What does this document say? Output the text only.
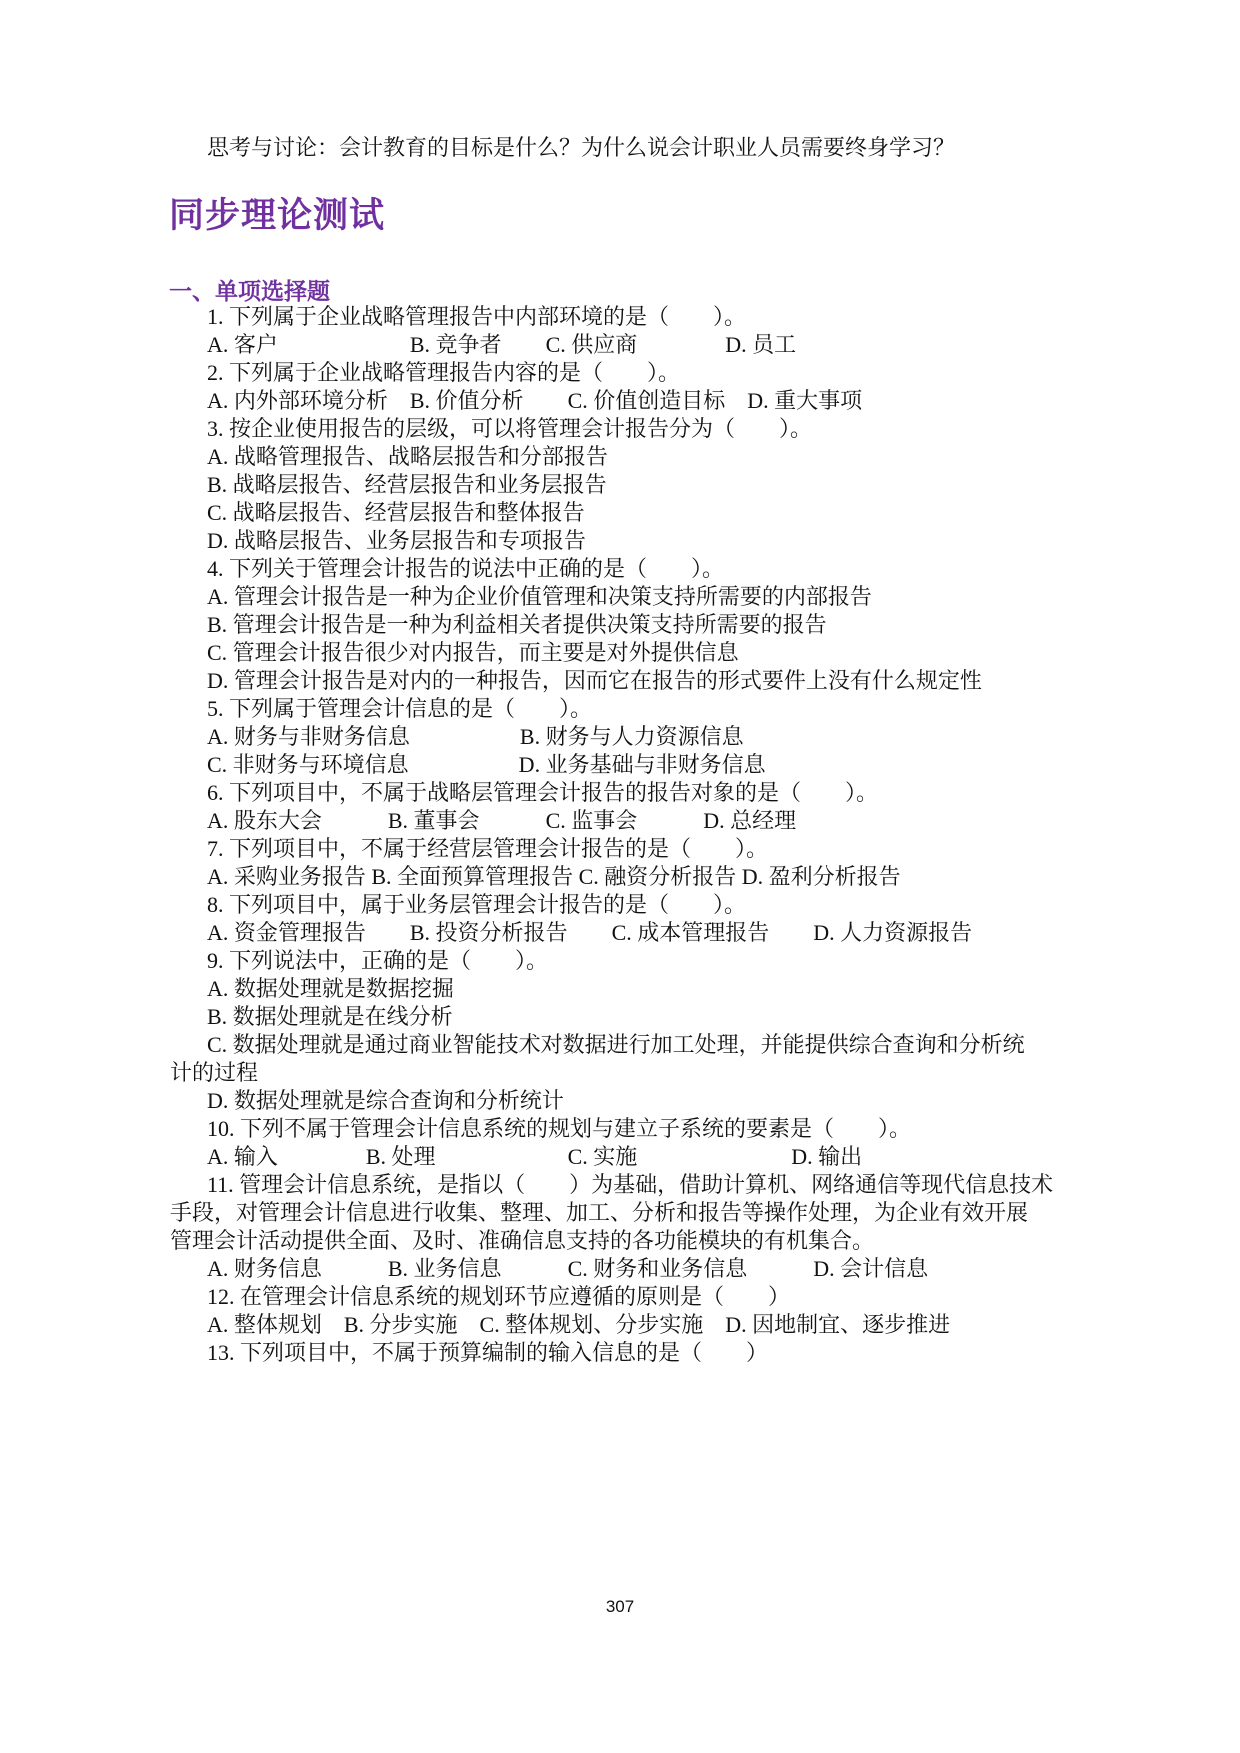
思考与讨论：会计教育的目标是什么？为什么说会计职业人员需要终身学习？
同步理论测试
一、单项选择题
1. 下列属于企业战略管理报告中内部环境的是（　　）。
A. 客户　　　　　　B. 竞争者　　C. 供应商　　　　D. 员工
2. 下列属于企业战略管理报告内容的是（　　）。
A. 内外部环境分析　B. 价值分析　　C. 价值创造目标　D. 重大事项
3. 按企业使用报告的层级，可以将管理会计报告分为（　　）。
A. 战略管理报告、战略层报告和分部报告
B. 战略层报告、经营层报告和业务层报告
C. 战略层报告、经营层报告和整体报告
D. 战略层报告、业务层报告和专项报告
4. 下列关于管理会计报告的说法中正确的是（　　）。
A. 管理会计报告是一种为企业价值管理和决策支持所需要的内部报告
B. 管理会计报告是一种为利益相关者提供决策支持所需要的报告
C. 管理会计报告很少对内报告，而主要是对外提供信息
D. 管理会计报告是对内的一种报告，因而它在报告的形式要件上没有什么规定性
5. 下列属于管理会计信息的是（　　）。
A. 财务与非财务信息　　　　　B. 财务与人力资源信息
C. 非财务与环境信息　　　　　D. 业务基础与非财务信息
6. 下列项目中，不属于战略层管理会计报告的报告对象的是（　　）。
A. 股东大会　　　B. 董事会　　　C. 监事会　　　D. 总经理
7. 下列项目中，不属于经营层管理会计报告的是（　　）。
A. 采购业务报告 B. 全面预算管理报告 C. 融资分析报告 D. 盈利分析报告
8. 下列项目中，属于业务层管理会计报告的是（　　）。
A. 资金管理报告　　B. 投资分析报告　　C. 成本管理报告　　D. 人力资源报告
9. 下列说法中，正确的是（　　）。
A. 数据处理就是数据挖掘
B. 数据处理就是在线分析
C. 数据处理就是通过商业智能技术对数据进行加工处理，并能提供综合查询和分析统
计的过程
D. 数据处理就是综合查询和分析统计
10. 下列不属于管理会计信息系统的规划与建立子系统的要素是（　　）。
A. 输入　　　　B. 处理　　　　　　C. 实施　　　　　　　D. 输出
11. 管理会计信息系统，是指以（　　）为基础，借助计算机、网络通信等现代信息技术
手段，对管理会计信息进行收集、整理、加工、分析和报告等操作处理，为企业有效开展
管理会计活动提供全面、及时、准确信息支持的各功能模块的有机集合。
A. 财务信息　　　B. 业务信息　　　C. 财务和业务信息　　　D. 会计信息
12. 在管理会计信息系统的规划环节应遵循的原则是（　　）
A. 整体规划　B. 分步实施　C. 整体规划、分步实施　D. 因地制宜、逐步推进
13. 下列项目中，不属于预算编制的输入信息的是（　　）
307
